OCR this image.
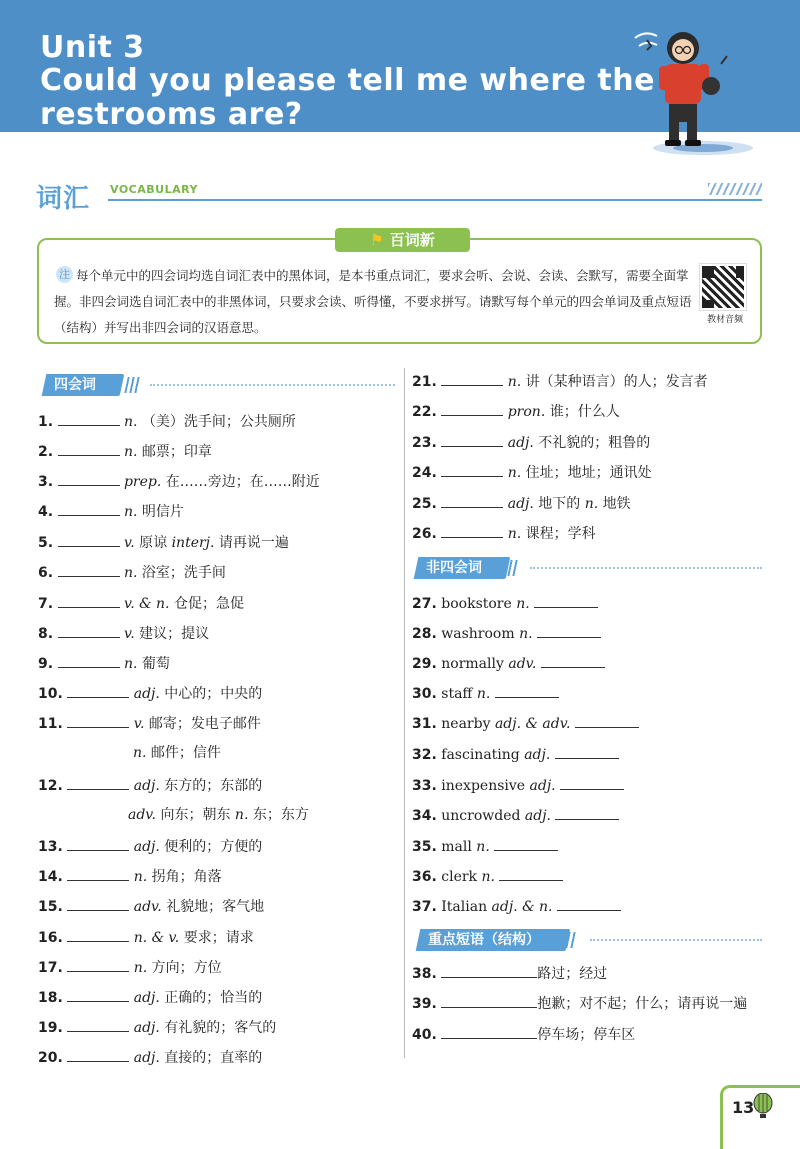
Unit 3
Could you please tell me where the
restrooms are?
词汇	VOCABULARY
⚑ 百词新
每个单元中的四会词均选自词汇表中的黑体词，是本书重点词汇，要求会听、会说、会读、会默写，需要全面掌握。非四会词选自词汇表中的非黑体词，只要求会读、听得懂，不要求拼写。请默写每个单元的四会单词及重点短语（结构）并写出非四会词的汉语意思。
注
教材音频
四会词
非四会词
重点短语（结构）
1.	n. （美）洗手间；公共厕所
2.	n. 邮票；印章
3.	prep. 在……旁边；在……附近
4.	n. 明信片
5.	v. 原谅 interj. 请再说一遍
6.	n. 浴室；洗手间
7.	v. & n. 仓促；急促
8.	v. 建议；提议
9.	n. 葡萄
10.	adj. 中心的；中央的
11.	v. 邮寄；发电子邮件
n. 邮件；信件
12.	adj. 东方的；东部的
adv. 向东；朝东 n. 东；东方
13.	adj. 便利的；方便的
14.	n. 拐角；角落
15.	adv. 礼貌地；客气地
16.	n. & v. 要求；请求
17.	n. 方向；方位
18.	adj. 正确的；恰当的
19.	adj. 有礼貌的；客气的
20.	adj. 直接的；直率的
21.	n. 讲（某种语言）的人；发言者
22.	pron. 谁；什么人
23.	adj. 不礼貌的；粗鲁的
24.	n. 住址；地址；通讯处
25.	adj. 地下的 n. 地铁
26.	n. 课程；学科
27. bookstore n.
28. washroom n.
29. normally adv.
30. staff n.
31. nearby adj. & adv.
32. fascinating adj.
33. inexpensive adj.
34. uncrowded adj.
35. mall n.
36. clerk n.
37. Italian adj. & n.
38.	路过；经过
39.	抱歉；对不起；什么；请再说一遍
40.	停车场；停车区
13
